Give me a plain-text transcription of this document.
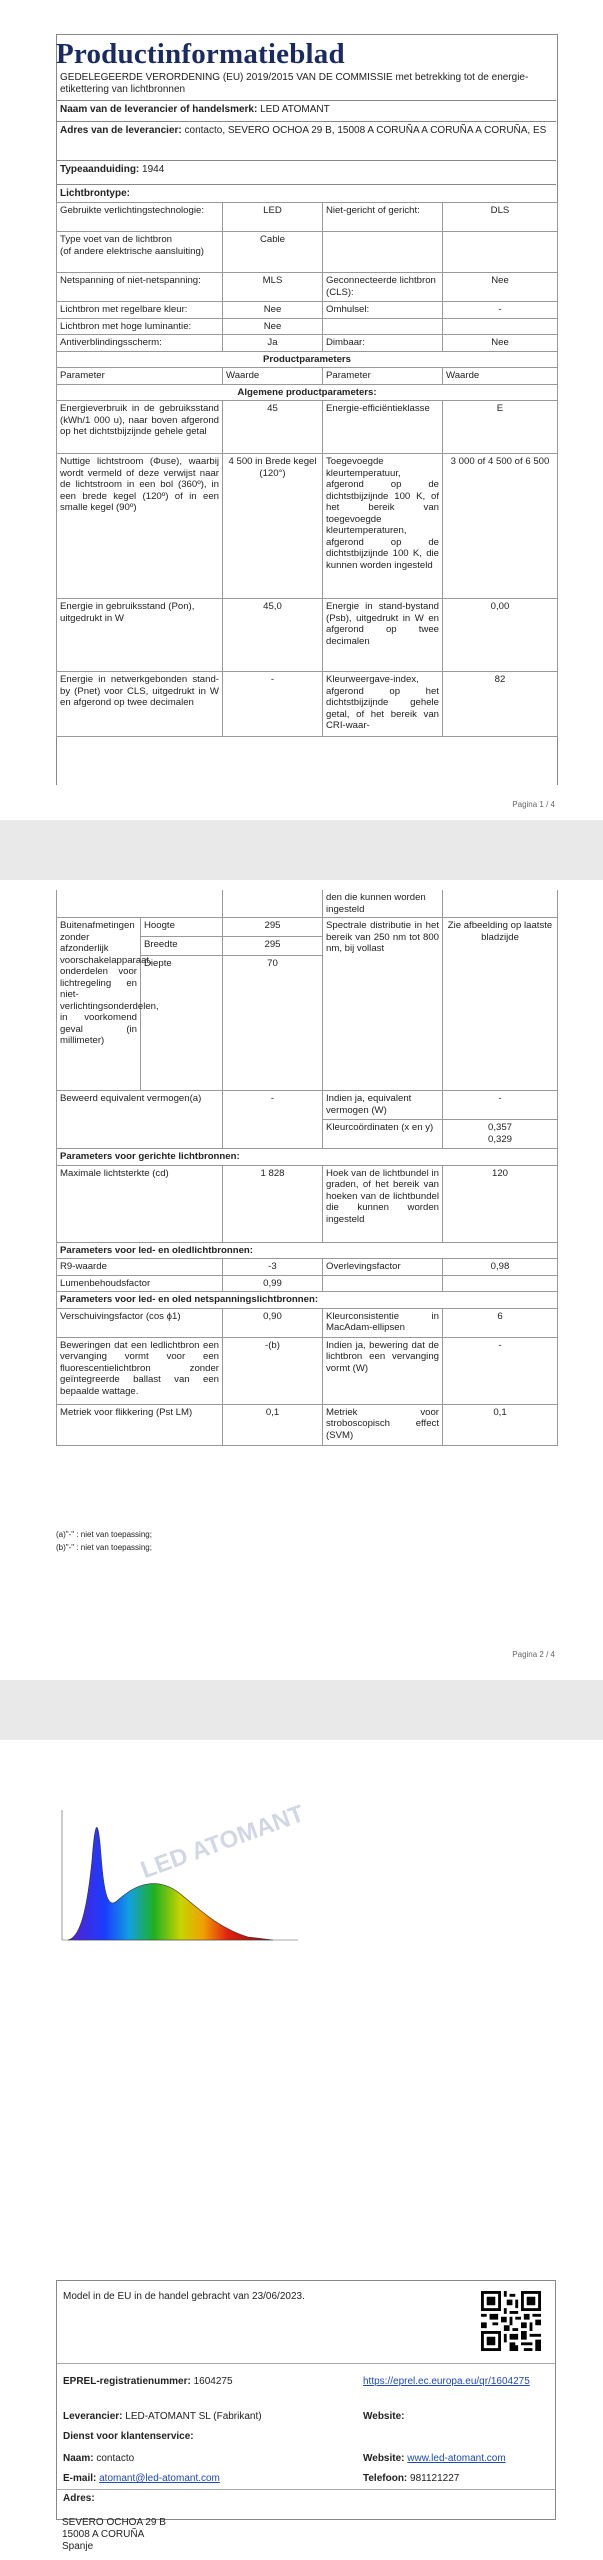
Productinformatieblad
GEDELEGEERDE VERORDENING (EU) 2019/2015 VAN DE COMMISSIE met betrekking tot de energie-etikettering van lichtbronnen
Naam van de leverancier of handelsmerk: LED ATOMANT
Adres van de leverancier: contacto, SEVERO OCHOA 29 B, 15008 A CORUÑA A CORUÑA A CORUÑA, ES
Typeaanduiding: 1944
Lichtbrontype:
Gebruikte verlichtingstechnologie:	LED	Niet-gericht of gericht:	DLS
Type voet van de lichtbron
(of andere elektrische aansluiting)	Cable		
Netspanning of niet-netspanning:	MLS	Geconnecteerde lichtbron (CLS):	Nee
Lichtbron met regelbare kleur:	Nee	Omhulsel:	-
Lichtbron met hoge luminantie:	Nee		
Antiverblindingsscherm:	Ja	Dimbaar:	Nee
Productparameters			
Parameter	Waarde	Parameter	Waarde
Algemene productparameters:			
Energieverbruik in de gebruiksstand (kWh/1 000 u), naar boven afgerond op het dichtstbijzijnde gehele getal	45	Energie-efficiëntieklasse	E
Nuttige lichtstroom (Φuse), waarbij wordt vermeld of deze verwijst naar de lichtstroom in een bol (360º), in een brede kegel (120º) of in een smalle kegel (90º)	4 500 in Brede kegel (120°)	Toegevoegde kleurtemperatuur, afgerond op de dichtstbijzijnde 100 K, of het bereik van toegevoegde kleurtemperaturen, afgerond op de dichtstbijzijnde 100 K, die kunnen worden ingesteld	3 000 of 4 500 of 6 500
Energie in gebruiksstand (Pon), uitgedrukt in W	45,0	Energie in stand-bystand (Psb), uitgedrukt in W en afgerond op twee decimalen	0,00
Energie in netwerkgebonden stand-by (Pnet) voor CLS, uitgedrukt in W en afgerond op twee decimalen	-	Kleurweergave-index, afgerond op het dichtstbijzijnde gehele getal, of het bereik van CRI-waar-	82
Pagina 1 / 4
			den die kunnen worden ingesteld	
Buitenafmetingen zonder afzonderlijk voorschakelapparaat, onderdelen voor lichtregeling en niet-verlichtingsonderdelen, in voorkomend geval (in millimeter)	Hoogte	295	Spectrale distributie in het bereik van 250 nm tot 800 nm, bij vollast	Zie afbeelding op laatste bladzijde
	Breedte	295		
	Diepte	70		
Beweerd equivalent vermogen(a)		-	Indien ja, equivalent vermogen (W)	-
			Kleurcoördinaten (x en y)	0,357
0,329
Parameters voor gerichte lichtbronnen:				
Maximale lichtsterkte (cd)		1 828	Hoek van de lichtbundel in graden, of het bereik van hoeken van de lichtbundel die kunnen worden ingesteld	120
Parameters voor led- en oledlichtbronnen:				
R9-waarde		-3	Overlevingsfactor	0,98
Lumenbehoudsfactor		0,99		
Parameters voor led- en oled netspanningslichtbronnen:				
Verschuivingsfactor (cos ϕ1)		0,90	Kleurconsistentie in MacAdam-ellipsen	6
Beweringen dat een ledlichtbron een vervanging vormt voor een fluorescentielichtbron zonder geïntegreerde ballast van een bepaalde wattage.		-(b)	Indien ja, bewering dat de lichtbron een vervanging vormt (W)	-
Metriek voor flikkering (Pst LM)		0,1	Metriek voor stroboscopisch effect (SVM)	0,1
(a)"-" : niet van toepassing;
(b)"-" : niet van toepassing;
Pagina 2 / 4
LED ATOMANT
Model in de EU in de handel gebracht van 23/06/2023.
EPREL-registratienummer: 1604275	https://eprel.ec.europa.eu/qr/1604275
Leverancier: LED-ATOMANT SL (Fabrikant)	Website:
Dienst voor klantenservice:
Naam: contacto	Website: www.led-atomant.com
E-mail: atomant@led-atomant.com	Telefoon: 981121227
Adres:

SEVERO OCHOA 29 B
15008 A CORUÑA
Spanje
